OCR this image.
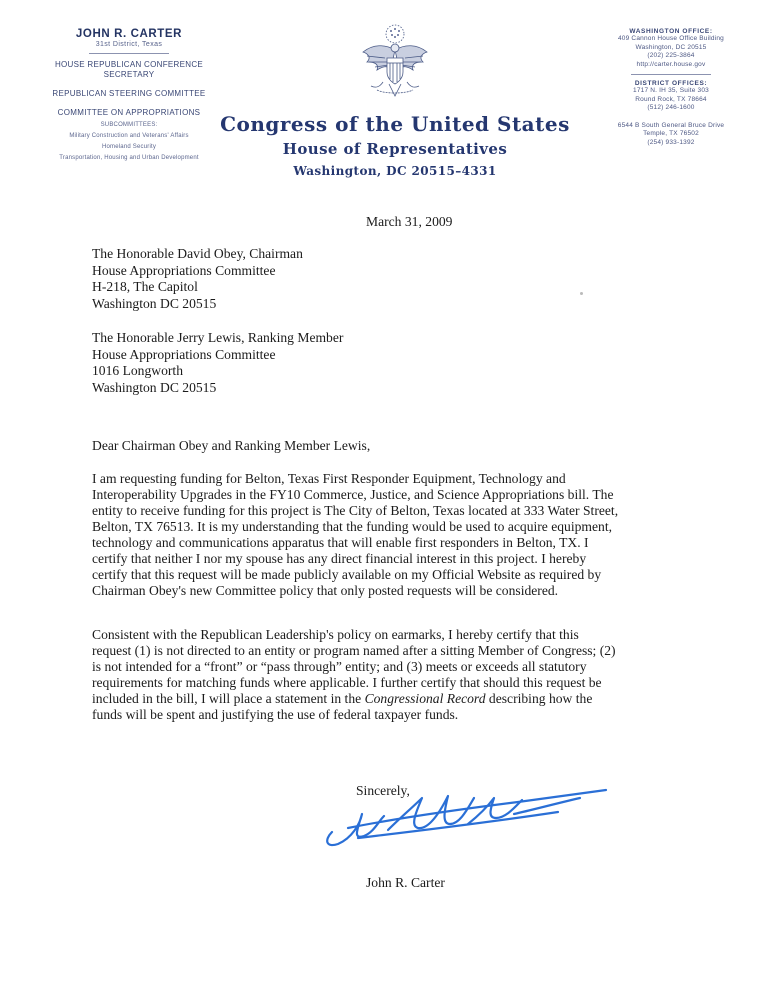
JOHN R. CARTER
31st District, Texas
HOUSE REPUBLICAN CONFERENCE SECRETARY
REPUBLICAN STEERING COMMITTEE
COMMITTEE ON APPROPRIATIONS
SUBCOMMITTEES:
Military Construction and Veterans' Affairs
Homeland Security
Transportation, Housing and Urban Development
Congress of the United States
House of Representatives
Washington, DC 20515–4331
WASHINGTON OFFICE:
409 Cannon House Office Building
Washington, DC 20515
(202) 225-3864
http://carter.house.gov
DISTRICT OFFICES:
1717 N. IH 35, Suite 303
Round Rock, TX 78664
(512) 246-1600
6544 B South General Bruce Drive
Temple, TX 76502
(254) 933-1392
March 31, 2009
The Honorable David Obey, Chairman
House Appropriations Committee
H-218, The Capitol
Washington DC 20515
The Honorable Jerry Lewis, Ranking Member
House Appropriations Committee
1016 Longworth
Washington DC 20515
Dear Chairman Obey and Ranking Member Lewis,
I am requesting funding for Belton, Texas First Responder Equipment, Technology and
Interoperability Upgrades in the FY10 Commerce, Justice, and Science Appropriations bill. The
entity to receive funding for this project is The City of Belton, Texas located at 333 Water Street,
Belton, TX 76513. It is my understanding that the funding would be used to acquire equipment,
technology and communications apparatus that will enable first responders in Belton, TX. I
certify that neither I nor my spouse has any direct financial interest in this project. I hereby
certify that this request will be made publicly available on my Official Website as required by
Chairman Obey's new Committee policy that only posted requests will be considered.
Consistent with the Republican Leadership's policy on earmarks, I hereby certify that this
request (1) is not directed to an entity or program named after a sitting Member of Congress; (2)
is not intended for a “front” or “pass through” entity; and (3) meets or exceeds all statutory
requirements for matching funds where applicable. I further certify that should this request be
included in the bill, I will place a statement in the Congressional Record describing how the
funds will be spent and justifying the use of federal taxpayer funds.
Sincerely,
John R. Carter
